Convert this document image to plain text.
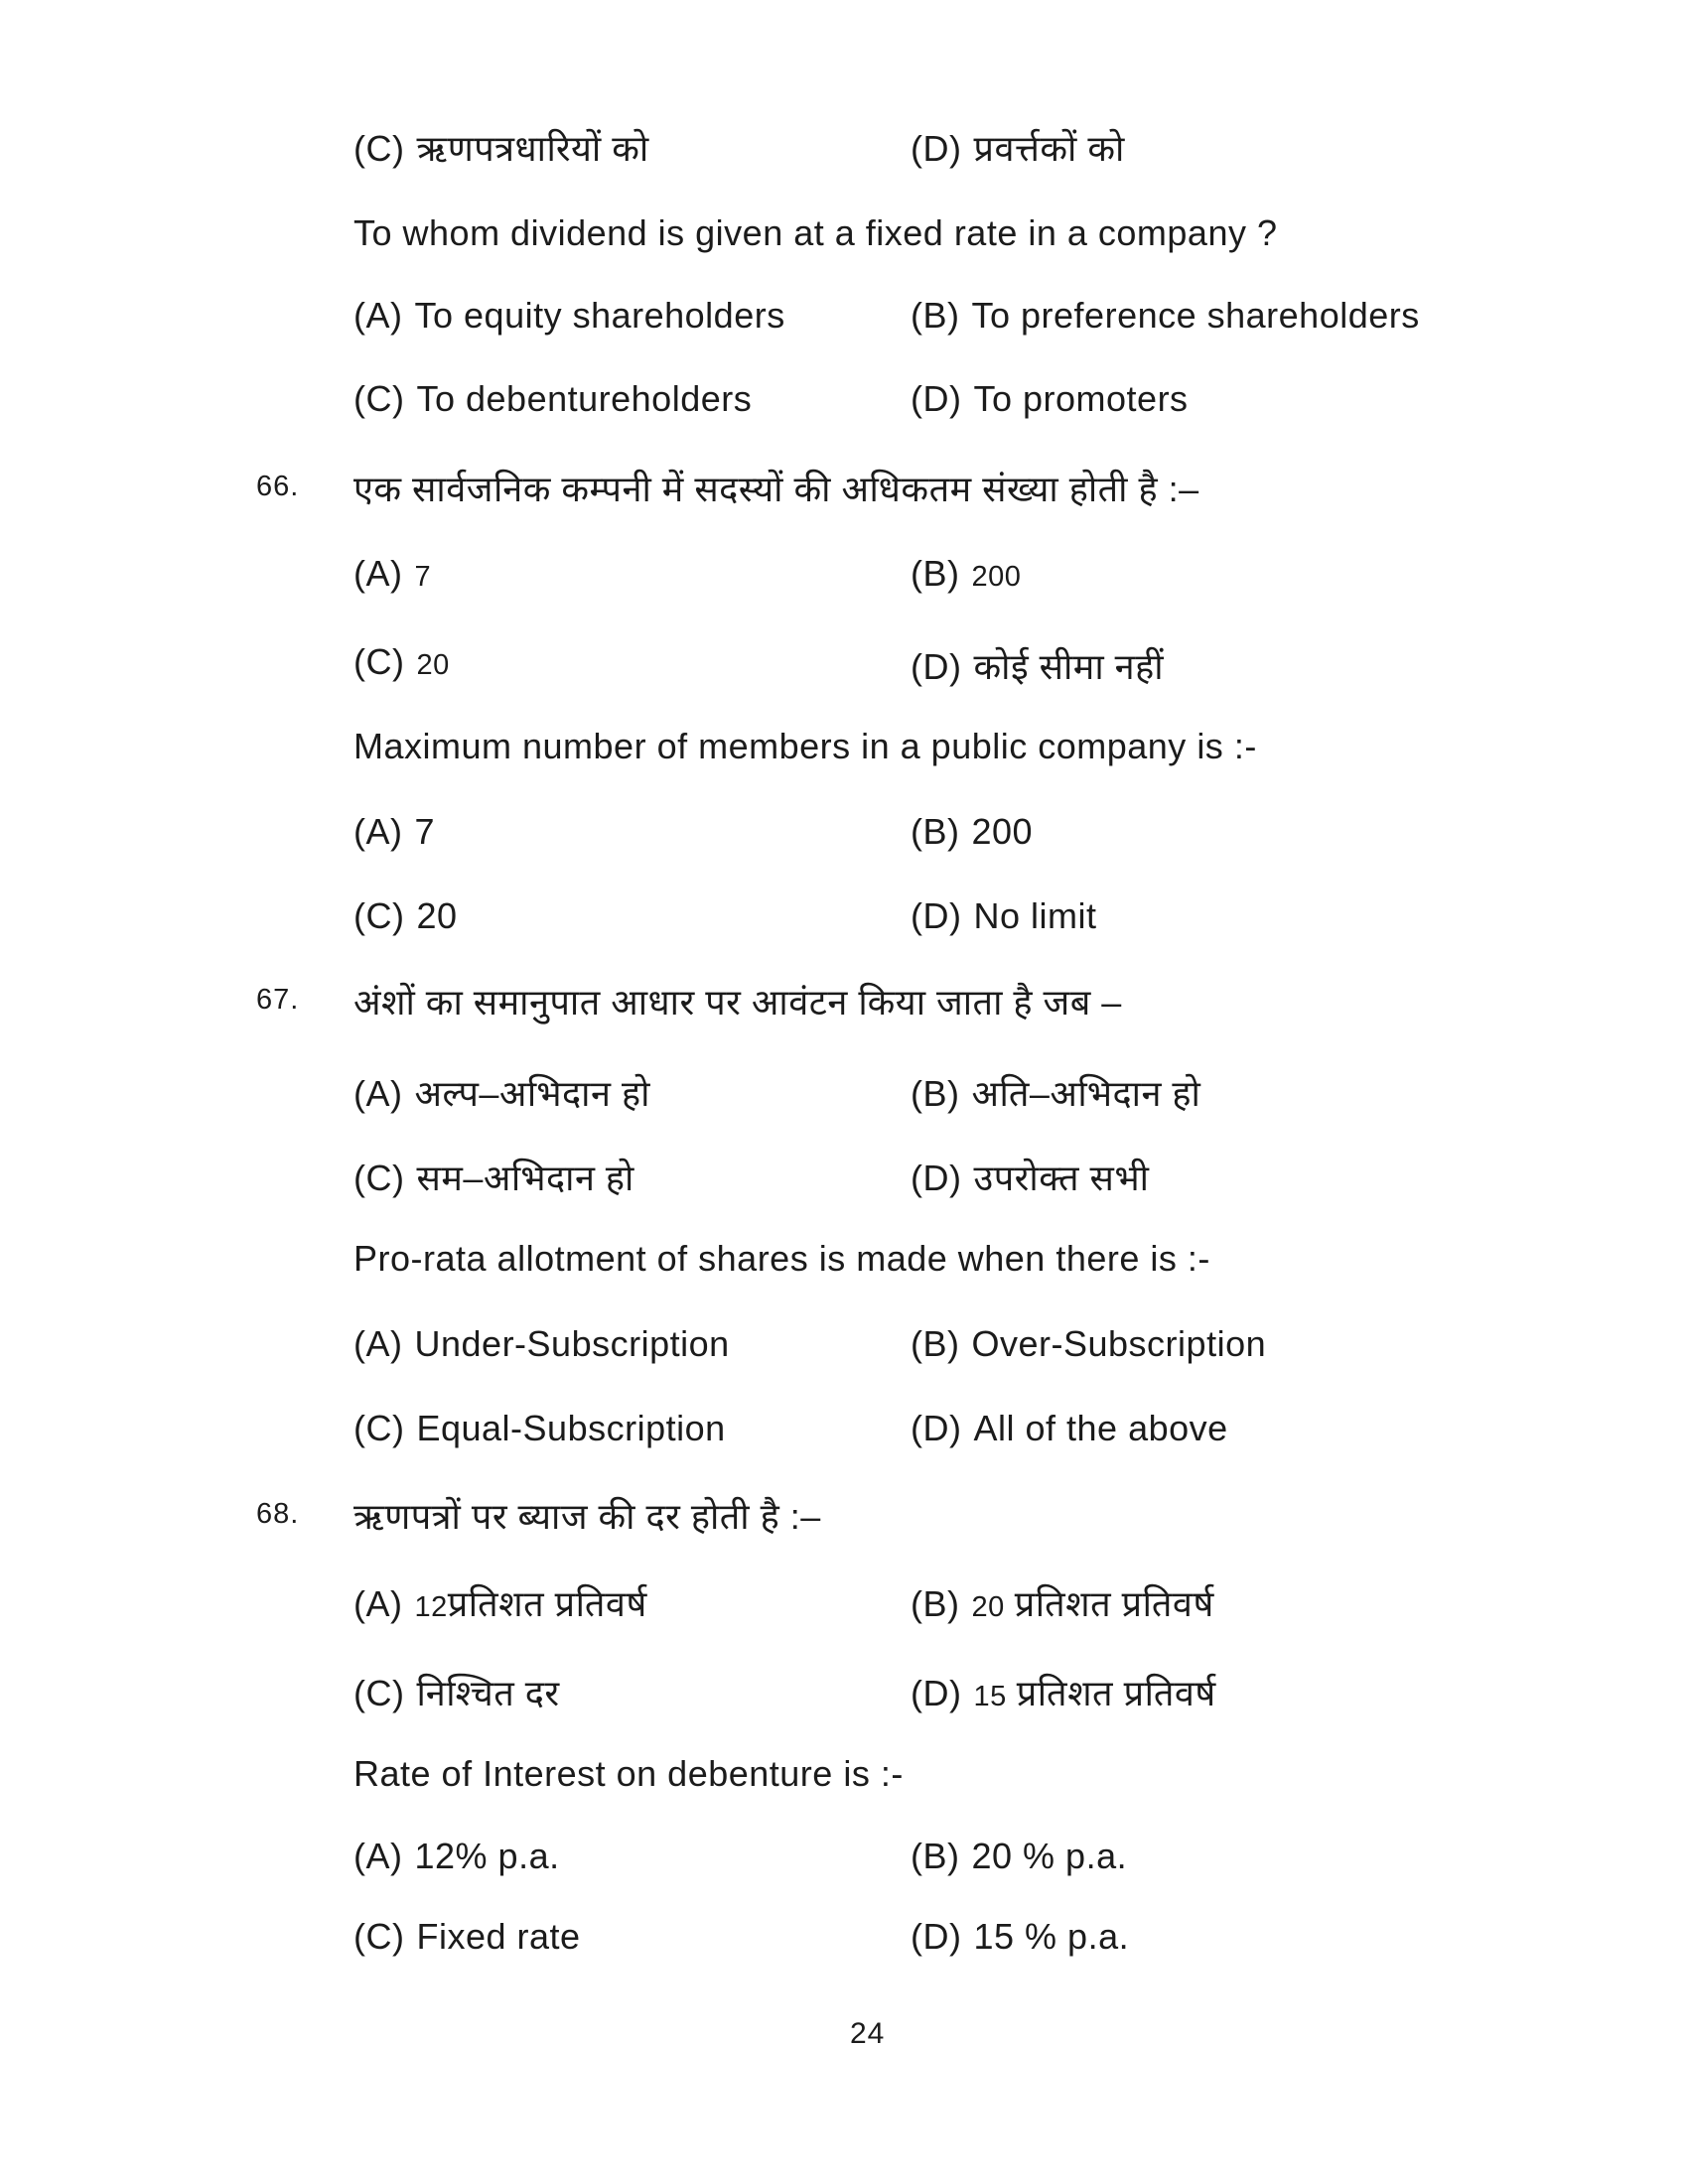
(C) ऋणपत्रधारियों को	(D) प्रवर्त्तकों को
To whom dividend is given at a fixed rate in a company ?
(A) To equity shareholders	(B) To preference shareholders
(C) To debentureholders	(D) To promoters
66. एक सार्वजनिक कम्पनी में सदस्यों की अधिकतम संख्या होती है :–
(A) 7	(B) 200
(C) 20	(D) कोई सीमा नहीं
Maximum number of members in a public company is :-
(A) 7	(B) 200
(C) 20	(D) No limit
67. अंशों का समानुपात आधार पर आवंटन किया जाता है जब –
(A) अल्प–अभिदान हो	(B) अति–अभिदान हो
(C) सम–अभिदान हो	(D) उपरोक्त सभी
Pro-rata allotment of shares is made when there is :-
(A) Under-Subscription	(B) Over-Subscription
(C) Equal-Subscription	(D) All of the above
68. ऋणपत्रों पर ब्याज की दर होती है :–
(A) 12प्रतिशत प्रतिवर्ष	(B) 20 प्रतिशत प्रतिवर्ष
(C) निश्चित दर	(D) 15 प्रतिशत प्रतिवर्ष
Rate of Interest on debenture is :-
(A) 12% p.a.	(B) 20 % p.a.
(C) Fixed rate	(D) 15 % p.a.
24
